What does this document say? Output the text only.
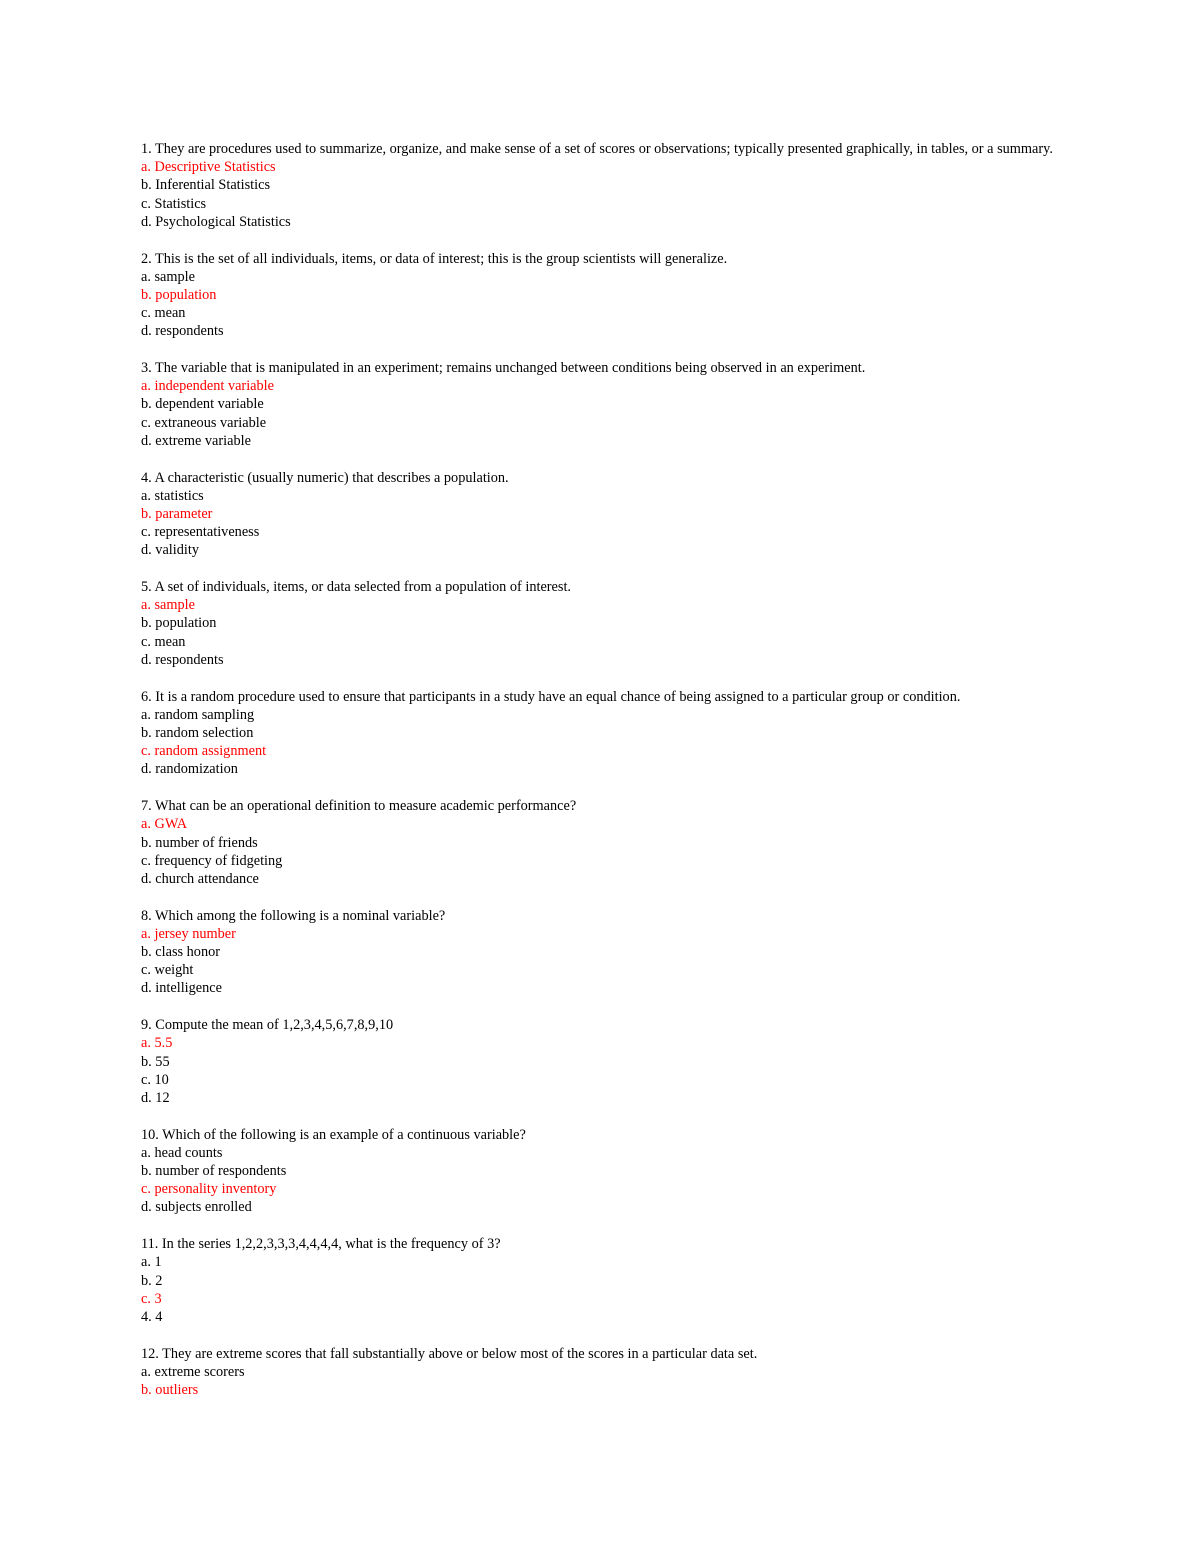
1. They are procedures used to summarize, organize, and make sense of a set of scores or observations; typically presented graphically, in tables, or a summary.

a. Descriptive Statistics

b. Inferential Statistics

c. Statistics

d. Psychological Statistics

2. This is the set of all individuals, items, or data of interest; this is the group scientists will generalize.

a. sample

b. population

c. mean

d. respondents

3. The variable that is manipulated in an experiment; remains unchanged between conditions being observed in an experiment.

a. independent variable

b. dependent variable

c. extraneous variable

d. extreme variable

4. A characteristic (usually numeric) that describes a population.

a. statistics

b. parameter

c. representativeness

d. validity

5. A set of individuals, items, or data selected from a population of interest.

a. sample

b. population

c. mean

d. respondents

6. It is a random procedure used to ensure that participants in a study have an equal chance of being assigned to a particular group or condition.

a. random sampling

b. random selection

c. random assignment

d. randomization

7. What can be an operational definition to measure academic performance?

a. GWA

b. number of friends

c. frequency of fidgeting

d. church attendance

8. Which among the following is a nominal variable?

a. jersey number

b. class honor

c. weight

d. intelligence

9. Compute the mean of 1,2,3,4,5,6,7,8,9,10

a. 5.5

b. 55

c. 10

d. 12

10. Which of the following is an example of a continuous variable?

a. head counts

b. number of respondents

c. personality inventory

d. subjects enrolled

11. In the series 1,2,2,3,3,3,4,4,4,4, what is the frequency of 3?

a. 1

b. 2

c. 3

4. 4

12. They are extreme scores that fall substantially above or below most of the scores in a particular data set.

a. extreme scorers

b. outliers
